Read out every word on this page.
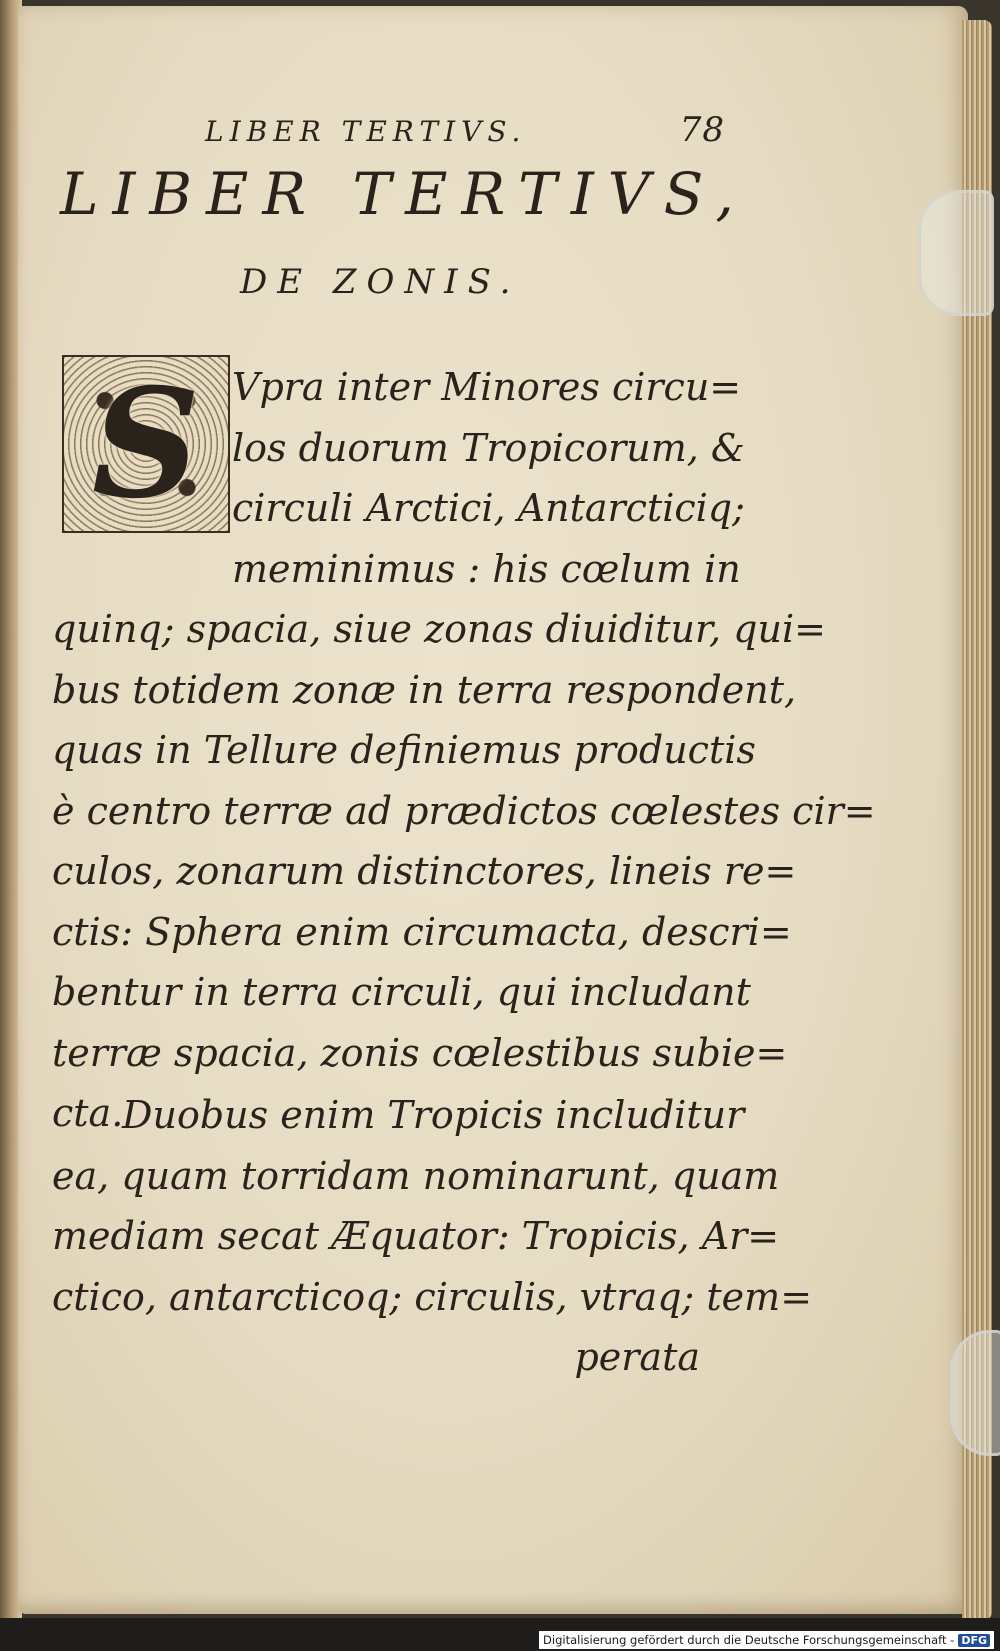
LIBER TERTIVS.	78
LIBER TERTIVS,
DE ZONIS.
S Vpra inter Minores circu=
los duorum Tropicorum, &
circuli Arctici, Antarcticiq;
meminimus : his cœlum in
quinq; spacia, siue zonas diuiditur, qui=
bus totidem zonæ in terra respondent,
quas in Tellure definiemus productis
è centro terræ ad prædictos cœlestes cir=
culos, zonarum distinctores, lineis re=
ctis: Sphera enim circumacta, descri=
bentur in terra circuli, qui includant
terræ spacia, zonis cœlestibus subie=
cta.
Duobus enim Tropicis includitur
ea, quam torridam nominarunt, quam
mediam secat Æquator: Tropicis, Ar=
ctico, antarcticoq; circulis, vtraq; tem=
perata
Digitalisierung gefördert durch die Deutsche Forschungsgemeinschaft - DFG
